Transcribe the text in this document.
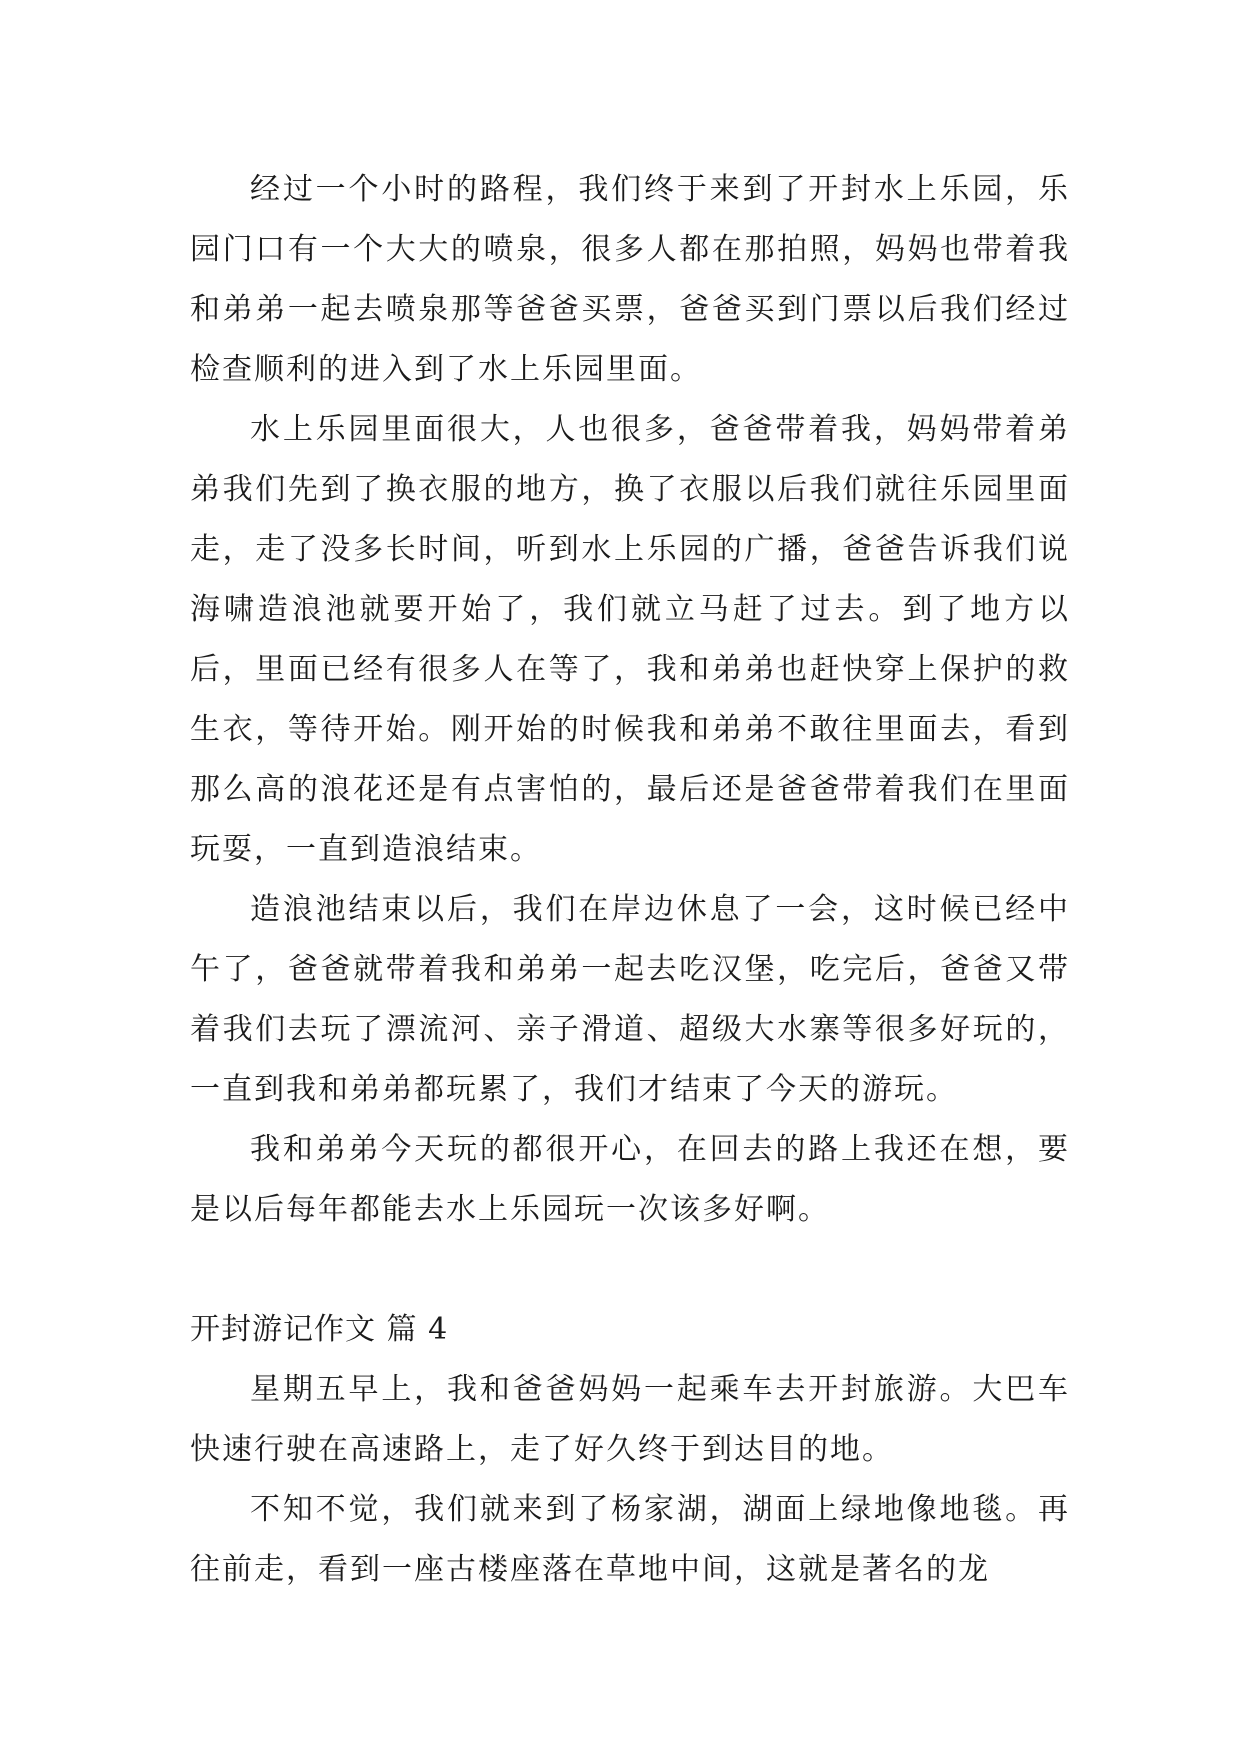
经过一个小时的路程，我们终于来到了开封水上乐园，乐园门口有一个大大的喷泉，很多人都在那拍照，妈妈也带着我和弟弟一起去喷泉那等爸爸买票，爸爸买到门票以后我们经过检查顺利的进入到了水上乐园里面。

水上乐园里面很大，人也很多，爸爸带着我，妈妈带着弟弟我们先到了换衣服的地方，换了衣服以后我们就往乐园里面走，走了没多长时间，听到水上乐园的广播，爸爸告诉我们说海啸造浪池就要开始了，我们就立马赶了过去。到了地方以后，里面已经有很多人在等了，我和弟弟也赶快穿上保护的救生衣，等待开始。刚开始的时候我和弟弟不敢往里面去，看到那么高的浪花还是有点害怕的，最后还是爸爸带着我们在里面玩耍，一直到造浪结束。

造浪池结束以后，我们在岸边休息了一会，这时候已经中午了，爸爸就带着我和弟弟一起去吃汉堡，吃完后，爸爸又带着我们去玩了漂流河、亲子滑道、超级大水寨等很多好玩的，一直到我和弟弟都玩累了，我们才结束了今天的游玩。

我和弟弟今天玩的都很开心，在回去的路上我还在想，要是以后每年都能去水上乐园玩一次该多好啊。

开封游记作文 篇 4

星期五早上，我和爸爸妈妈一起乘车去开封旅游。大巴车快速行驶在高速路上，走了好久终于到达目的地。

不知不觉，我们就来到了杨家湖，湖面上绿地像地毯。再往前走，看到一座古楼座落在草地中间，这就是著名的龙
